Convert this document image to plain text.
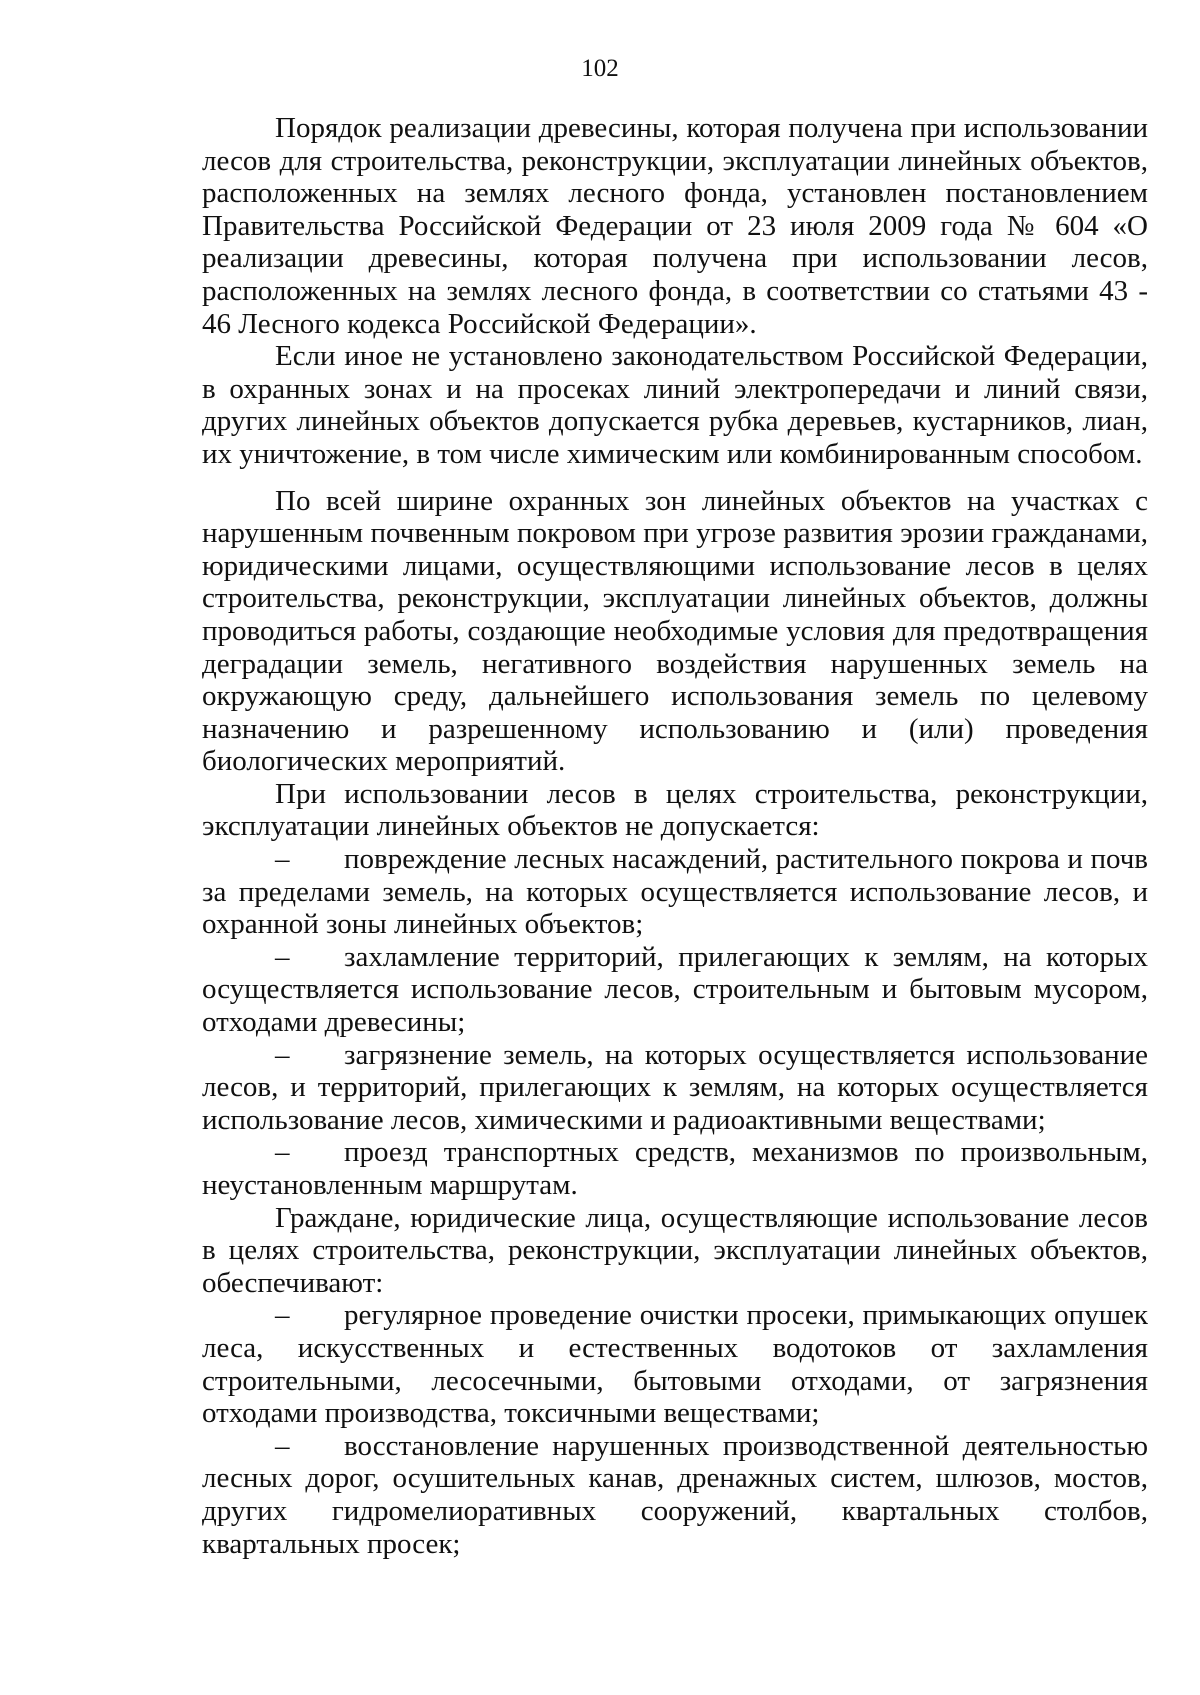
102

Порядок реализации древесины, которая получена при использовании лесов для строительства, реконструкции, эксплуатации линейных объектов, расположенных на землях лесного фонда, установлен постановлением Правительства Российской Федерации от 23 июля 2009 года № 604 «О реализации древесины, которая получена при использовании лесов, расположенных на землях лесного фонда, в соответствии со статьями 43 - 46 Лесного кодекса Российской Федерации».

Если иное не установлено законодательством Российской Федерации, в охранных зонах и на просеках линий электропередачи и линий связи, других линейных объектов допускается рубка деревьев, кустарников, лиан, их уничтожение, в том числе химическим или комбинированным способом.

По всей ширине охранных зон линейных объектов на участках с нарушенным почвенным покровом при угрозе развития эрозии гражданами, юридическими лицами, осуществляющими использование лесов в целях строительства, реконструкции, эксплуатации линейных объектов, должны проводиться работы, создающие необходимые условия для предотвращения деградации земель, негативного воздействия нарушенных земель на окружающую среду, дальнейшего использования земель по целевому назначению и разрешенному использованию и (или) проведения биологических мероприятий.

При использовании лесов в целях строительства, реконструкции, эксплуатации линейных объектов не допускается:

– повреждение лесных насаждений, растительного покрова и почв за пределами земель, на которых осуществляется использование лесов, и охранной зоны линейных объектов;
– захламление территорий, прилегающих к землям, на которых осуществляется использование лесов, строительным и бытовым мусором, отходами древесины;
– загрязнение земель, на которых осуществляется использование лесов, и территорий, прилегающих к землям, на которых осуществляется использование лесов, химическими и радиоактивными веществами;
– проезд транспортных средств, механизмов по произвольным, неустановленным маршрутам.

Граждане, юридические лица, осуществляющие использование лесов в целях строительства, реконструкции, эксплуатации линейных объектов, обеспечивают:

– регулярное проведение очистки просеки, примыкающих опушек леса, искусственных и естественных водотоков от захламления строительными, лесосечными, бытовыми отходами, от загрязнения отходами производства, токсичными веществами;
– восстановление нарушенных производственной деятельностью лесных дорог, осушительных канав, дренажных систем, шлюзов, мостов, других гидромелиоративных сооружений, квартальных столбов, квартальных просек;
